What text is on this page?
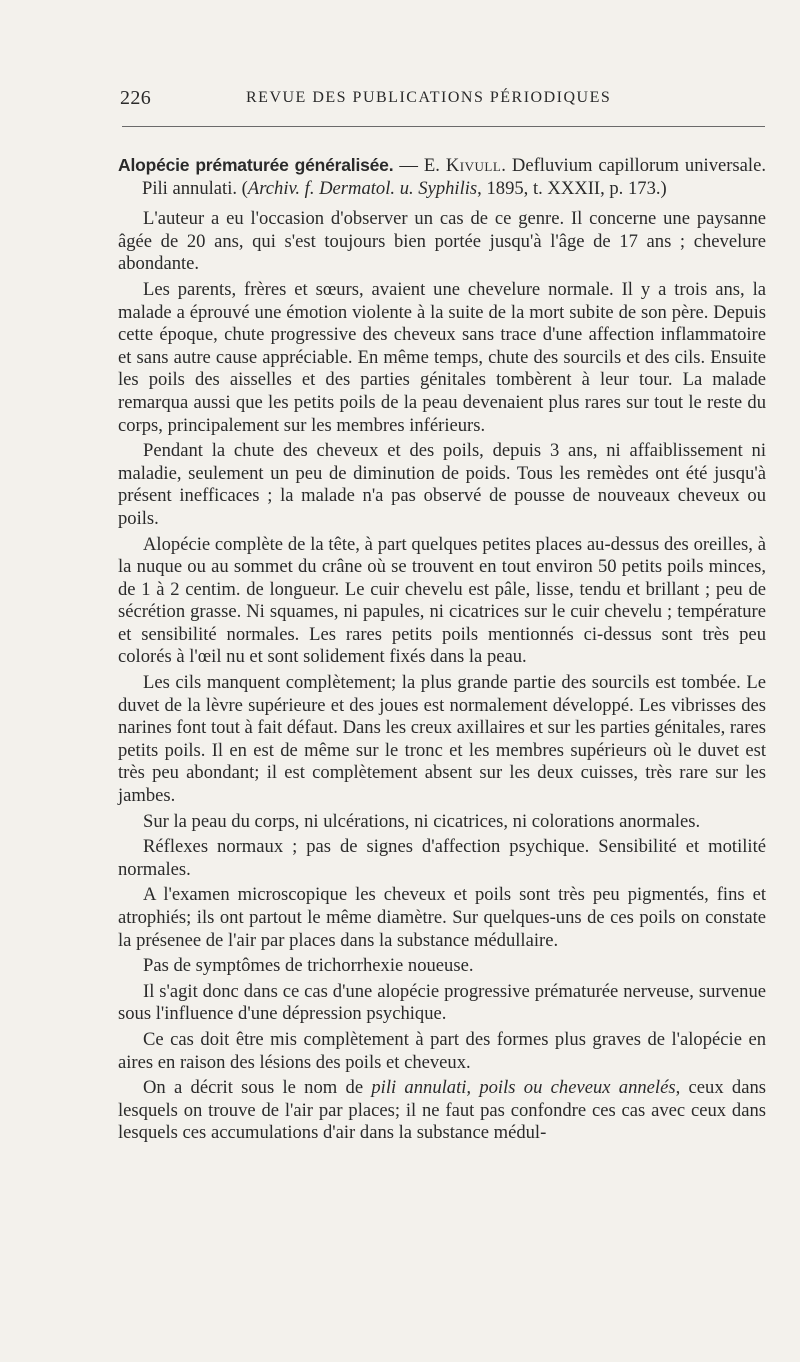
226	REVUE DES PUBLICATIONS PÉRIODIQUES

Alopécie prématurée généralisée. — E. Kivull. Defluvium capillorum universale. Pili annulati. (Archiv. f. Dermatol. u. Syphilis, 1895, t. XXXII, p. 173.)

L'auteur a eu l'occasion d'observer un cas de ce genre. Il concerne une paysanne âgée de 20 ans, qui s'est toujours bien portée jusqu'à l'âge de 17 ans ; chevelure abondante.

Les parents, frères et sœurs, avaient une chevelure normale. Il y a trois ans, la malade a éprouvé une émotion violente à la suite de la mort subite de son père. Depuis cette époque, chute progressive des cheveux sans trace d'une affection inflammatoire et sans autre cause appréciable. En même temps, chute des sourcils et des cils. Ensuite les poils des aisselles et des parties génitales tombèrent à leur tour. La malade remarqua aussi que les petits poils de la peau devenaient plus rares sur tout le reste du corps, principalement sur les membres inférieurs.

Pendant la chute des cheveux et des poils, depuis 3 ans, ni affaiblissement ni maladie, seulement un peu de diminution de poids. Tous les remèdes ont été jusqu'à présent inefficaces ; la malade n'a pas observé de pousse de nouveaux cheveux ou poils.

Alopécie complète de la tête, à part quelques petites places au-dessus des oreilles, à la nuque ou au sommet du crâne où se trouvent en tout environ 50 petits poils minces, de 1 à 2 centim. de longueur. Le cuir chevelu est pâle, lisse, tendu et brillant ; peu de sécrétion grasse. Ni squames, ni papules, ni cicatrices sur le cuir chevelu ; température et sensibilité normales. Les rares petits poils mentionnés ci-dessus sont très peu colorés à l'œil nu et sont solidement fixés dans la peau.

Les cils manquent complètement; la plus grande partie des sourcils est tombée. Le duvet de la lèvre supérieure et des joues est normalement développé. Les vibrisses des narines font tout à fait défaut. Dans les creux axillaires et sur les parties génitales, rares petits poils. Il en est de même sur le tronc et les membres supérieurs où le duvet est très peu abondant; il est complètement absent sur les deux cuisses, très rare sur les jambes.

Sur la peau du corps, ni ulcérations, ni cicatrices, ni colorations anormales.

Réflexes normaux ; pas de signes d'affection psychique. Sensibilité et motilité normales.

A l'examen microscopique les cheveux et poils sont très peu pigmentés, fins et atrophiés; ils ont partout le même diamètre. Sur quelques-uns de ces poils on constate la présenee de l'air par places dans la substance médullaire.

Pas de symptômes de trichorrhexie noueuse.

Il s'agit donc dans ce cas d'une alopécie progressive prématurée nerveuse, survenue sous l'influence d'une dépression psychique.

Ce cas doit être mis complètement à part des formes plus graves de l'alopécie en aires en raison des lésions des poils et cheveux.

On a décrit sous le nom de pili annulati, poils ou cheveux annelés, ceux dans lesquels on trouve de l'air par places; il ne faut pas confondre ces cas avec ceux dans lesquels ces accumulations d'air dans la substance médul-
